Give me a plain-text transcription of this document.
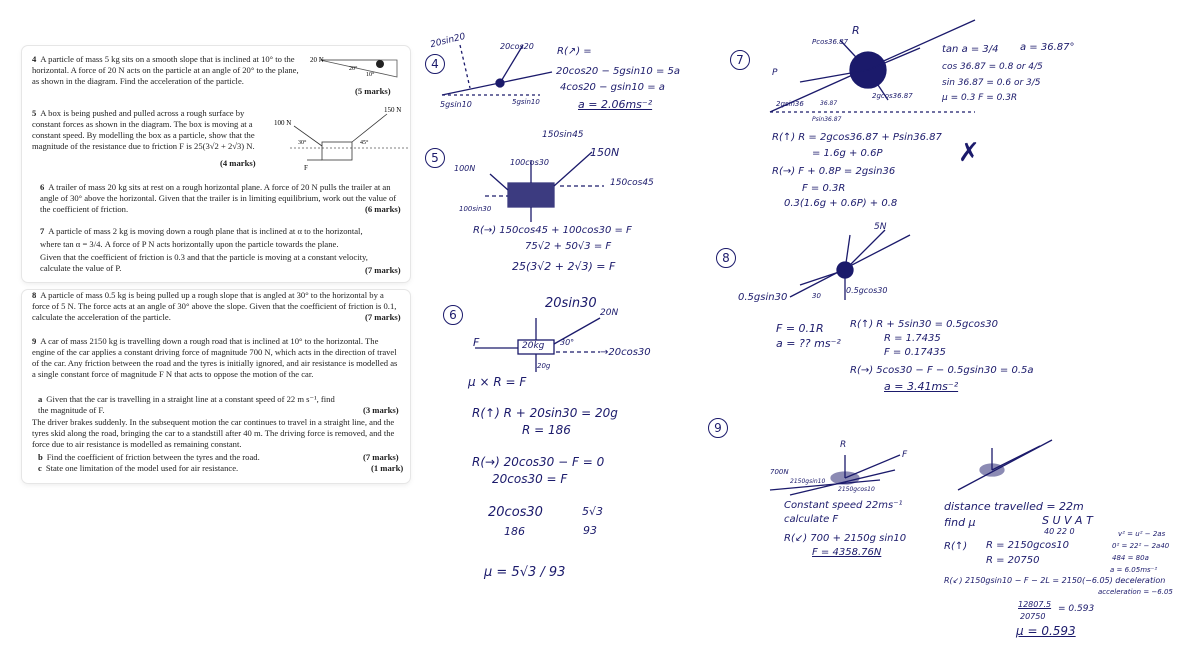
4 A particle of mass 5 kg sits on a smooth slope that is inclined at 10° to the horizontal. A force of 20 N acts on the particle at an angle of 20° to the plane, as shown in the diagram. Find the acceleration of the particle.
(5 marks)
20 N
20°
10°
5 A box is being pushed and pulled across a rough surface by constant forces as shown in the diagram. The box is moving at a constant speed. By modelling the box as a particle, show that the magnitude of the resistance due to friction F is 25(3√2 + 2√3) N.
(4 marks)
100 N
150 N
30°	45°
F
6 A trailer of mass 20 kg sits at rest on a rough horizontal plane. A force of 20 N pulls the trailer at an angle of 30° above the horizontal. Given that the trailer is in limiting equilibrium, work out the value of the coefficient of friction.	(6 marks)
7 A particle of mass 2 kg is moving down a rough plane that is inclined at α to the horizontal,
where tan α = 3/4. A force of P N acts horizontally upon the particle towards the plane.
Given that the coefficient of friction is 0.3 and that the particle is moving at a constant velocity, calculate the value of P.	(7 marks)
8 A particle of mass 0.5 kg is being pulled up a rough slope that is angled at 30° to the horizontal by a force of 5 N. The force acts at an angle of 30° above the slope. Given that the coefficient of friction is 0.1, calculate the acceleration of the particle.	(7 marks)
9 A car of mass 2150 kg is travelling down a rough road that is inclined at 10° to the horizontal. The engine of the car applies a constant driving force of magnitude 700 N, which acts in the direction of travel of the car. Any friction between the road and the tyres is initially ignored, and air resistance is modelled as a single constant force of magnitude F N that acts to oppose the motion of the car.
a Given that the car is travelling in a straight line at a constant speed of 22 m s⁻¹, find the magnitude of F.	(3 marks)
The driver brakes suddenly. In the subsequent motion the car continues to travel in a straight line, and the tyres skid along the road, bringing the car to a standstill after 40 m. The driving force is removed, and the force due to air resistance is modelled as remaining constant.
b Find the coefficient of friction between the tyres and the road.	(7 marks)
c State one limitation of the model used for air resistance.	(1 mark)
4
5
6
7
8
9
20sin20	20cos20
5gsin10	5gsin10
R(↗) =
20cos20 − 5gsin10 = 5a
4cos20 − gsin10 = a
a = 2.06ms⁻²
150sin45
150N
100N
100cos30
100sin30
150cos45
R(→) 150cos45 + 100cos30 = F
75√2 + 50√3 = F
25(3√2 + 2√3) = F
20sin30
20N
20kg 30°
F
20g
→20cos30
μ × R = F
R(↑) R + 20sin30 = 20g
R = 186
R(→) 20cos30 − F = 0
20cos30 = F
20cos30
186
5√3
93
μ = 5√3 / 93
R
P
2gsin36
2gcos36.87
Pcos36.87
Psin36.87
36.87
tan a = 3/4 a = 36.87°
cos 36.87 = 0.8 or 4/5
sin 36.87 = 0.6 or 3/5
μ = 0.3 F = 0.3R
R(↑) R = 2gcos36.87 + Psin36.87
= 1.6g + 0.6P
R(→) F + 0.8P = 2gsin36
F = 0.3R
0.3(1.6g + 0.6P) + 0.8
✗
5N
0.5gsin30
0.5gcos30
30
F = 0.1R
a = ?? ms⁻²
R(↑) R + 5sin30 = 0.5gcos30
R = 1.7435
F = 0.17435
R(→) 5cos30 − F − 0.5gsin30 = 0.5a
a = 3.41ms⁻²
700N
2150gsin10
2150gcos10
F
R
Constant speed 22ms⁻¹
calculate F
R(↙) 700 + 2150g sin10
F = 4358.76N
distance travelled = 22m
find μ	S U V A T
40 22 0
R(↑) R = 2150gcos10
R = 20750
v² = u² − 2as
0² = 22² − 2a40
484 = 80a
a = 6.05ms⁻²
R(↙) 2150gsin10 − F − 2L = 2150(−6.05) deceleration
acceleration = −6.05
12807.5
20750
= 0.593
μ = 0.593
